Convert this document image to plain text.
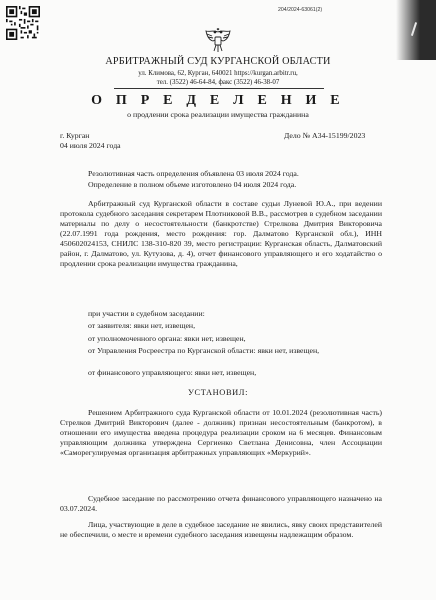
204/2024-63061(2)
АРБИТРАЖНЫЙ СУД КУРГАНСКОЙ ОБЛАСТИ
ул. Климова, 62, Курган, 640021 https://kurgan.arbitr.ru,
тел. (3522) 46-64-84, факс (3522) 46-38-07
О П Р Е Д Е Л Е Н И Е
о продлении срока реализации имущества гражданина
г. Курган
04 июля 2024 года
Дело № А34-15199/2023
Резолютивная часть определения объявлена 03 июля 2024 года.
Определение в полном объеме изготовлено 04 июля 2024 года.
Арбитражный суд Курганской области в составе судьи Луневой Ю.А., при ведении протокола судебного заседания секретарем Плотниковой В.В., рассмотрев в судебном заседании материалы по делу о несостоятельности (банкротстве) Стрелкова Дмитрия Викторовича (22.07.1991 года рождения, место рождения: гор. Далматово Курганской обл.), ИНН 450602024153, СНИЛС 138-310-820 39, место регистрации: Курганская область, Далматовский район, г. Далматово, ул. Кутузова, д. 4), отчет финансового управляющего и его ходатайство о продлении срока реализации имущества гражданина,
при участии в судебном заседании:
от заявителя: явки нет, извещен,
от уполномоченного органа: явки нет, извещен,
от Управления Росреестра по Курганской области: явки нет, извещен,
от финансового управляющего: явки нет, извещен,
УСТАНОВИЛ:
Решением Арбитражного суда Курганской области от 10.01.2024 (резолютивная часть) Стрелков Дмитрий Викторович (далее - должник) признан несостоятельным (банкротом), в отношении его имущества введена процедура реализации сроком на 6 месяцев. Финансовым управляющим должника утверждена Сергиенко Светлана Денисовна, член Ассоциации «Саморегулируемая организация арбитражных управляющих «Меркурий».
Судебное заседание по рассмотрению отчета финансового управляющего назначено на 03.07.2024.
Лица, участвующие в деле в судебное заседание не явились, явку своих представителей не обеспечили, о месте и времени судебного заседания извещены надлежащим образом.
